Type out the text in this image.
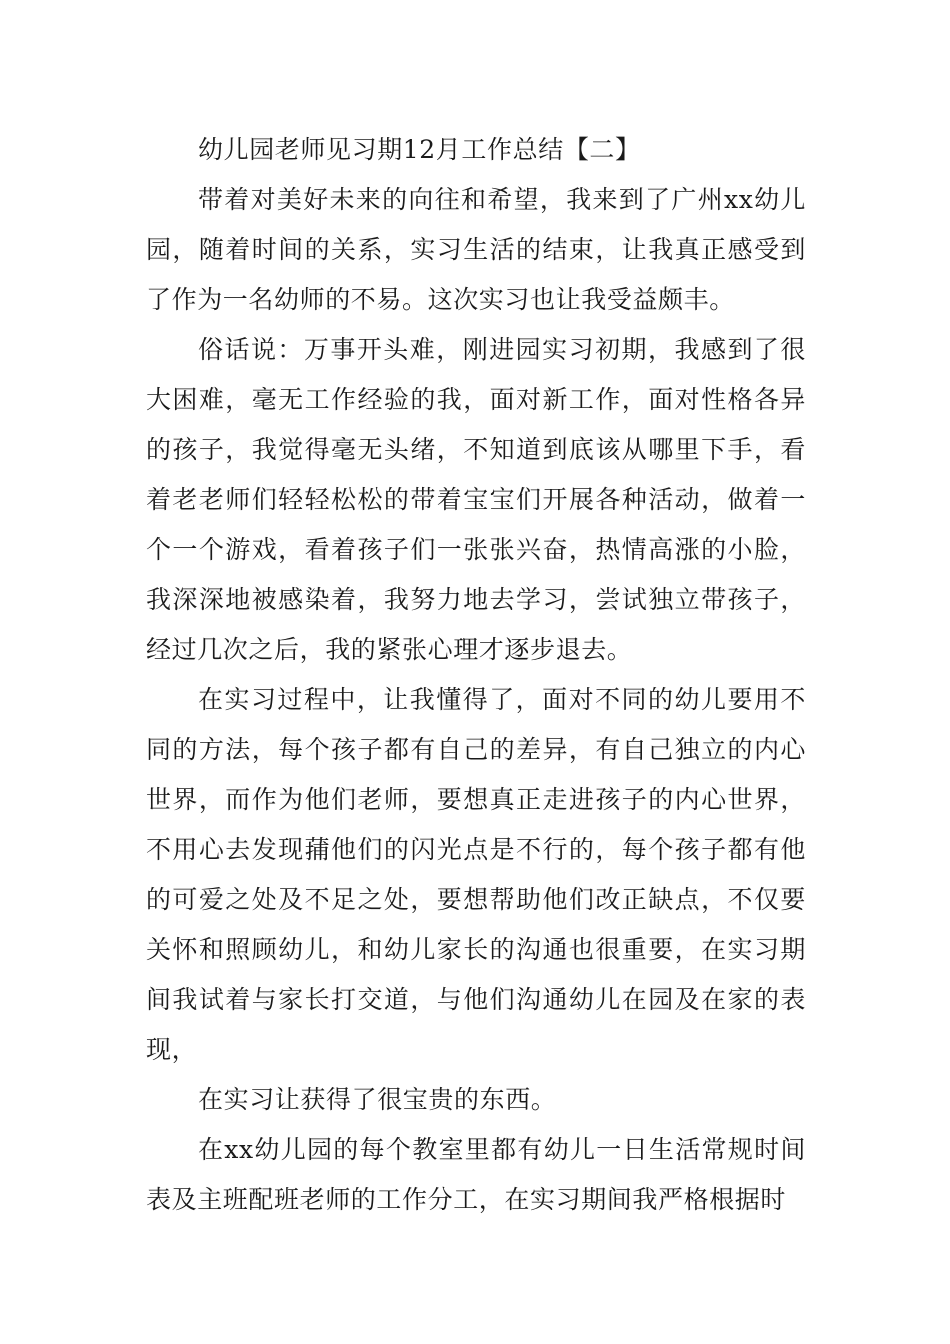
幼儿园老师见习期12月工作总结【二】

带着对美好未来的向往和希望，我来到了广州xx幼儿园，随着时间的关系，实习生活的结束，让我真正感受到了作为一名幼师的不易。这次实习也让我受益颇丰。

俗话说：万事开头难，刚进园实习初期，我感到了很大困难，毫无工作经验的我，面对新工作，面对性格各异的孩子，我觉得毫无头绪，不知道到底该从哪里下手，看着老老师们轻轻松松的带着宝宝们开展各种活动，做着一个一个游戏，看着孩子们一张张兴奋，热情高涨的小脸，我深深地被感染着，我努力地去学习，尝试独立带孩子，经过几次之后，我的紧张心理才逐步退去。

在实习过程中，让我懂得了，面对不同的幼儿要用不同的方法，每个孩子都有自己的差异，有自己独立的内心世界，而作为他们老师，要想真正走进孩子的内心世界，不用心去发现蒱他们的闪光点是不行的，每个孩子都有他的可爱之处及不足之处，要想帮助他们改正缺点，不仅要关怀和照顾幼儿，和幼儿家长的沟通也很重要，在实习期间我试着与家长打交道，与他们沟通幼儿在园及在家的表现，

在实习让获得了很宝贵的东西。

在xx幼儿园的每个教室里都有幼儿一日生活常规时间表及主班配班老师的工作分工，在实习期间我严格根据时
